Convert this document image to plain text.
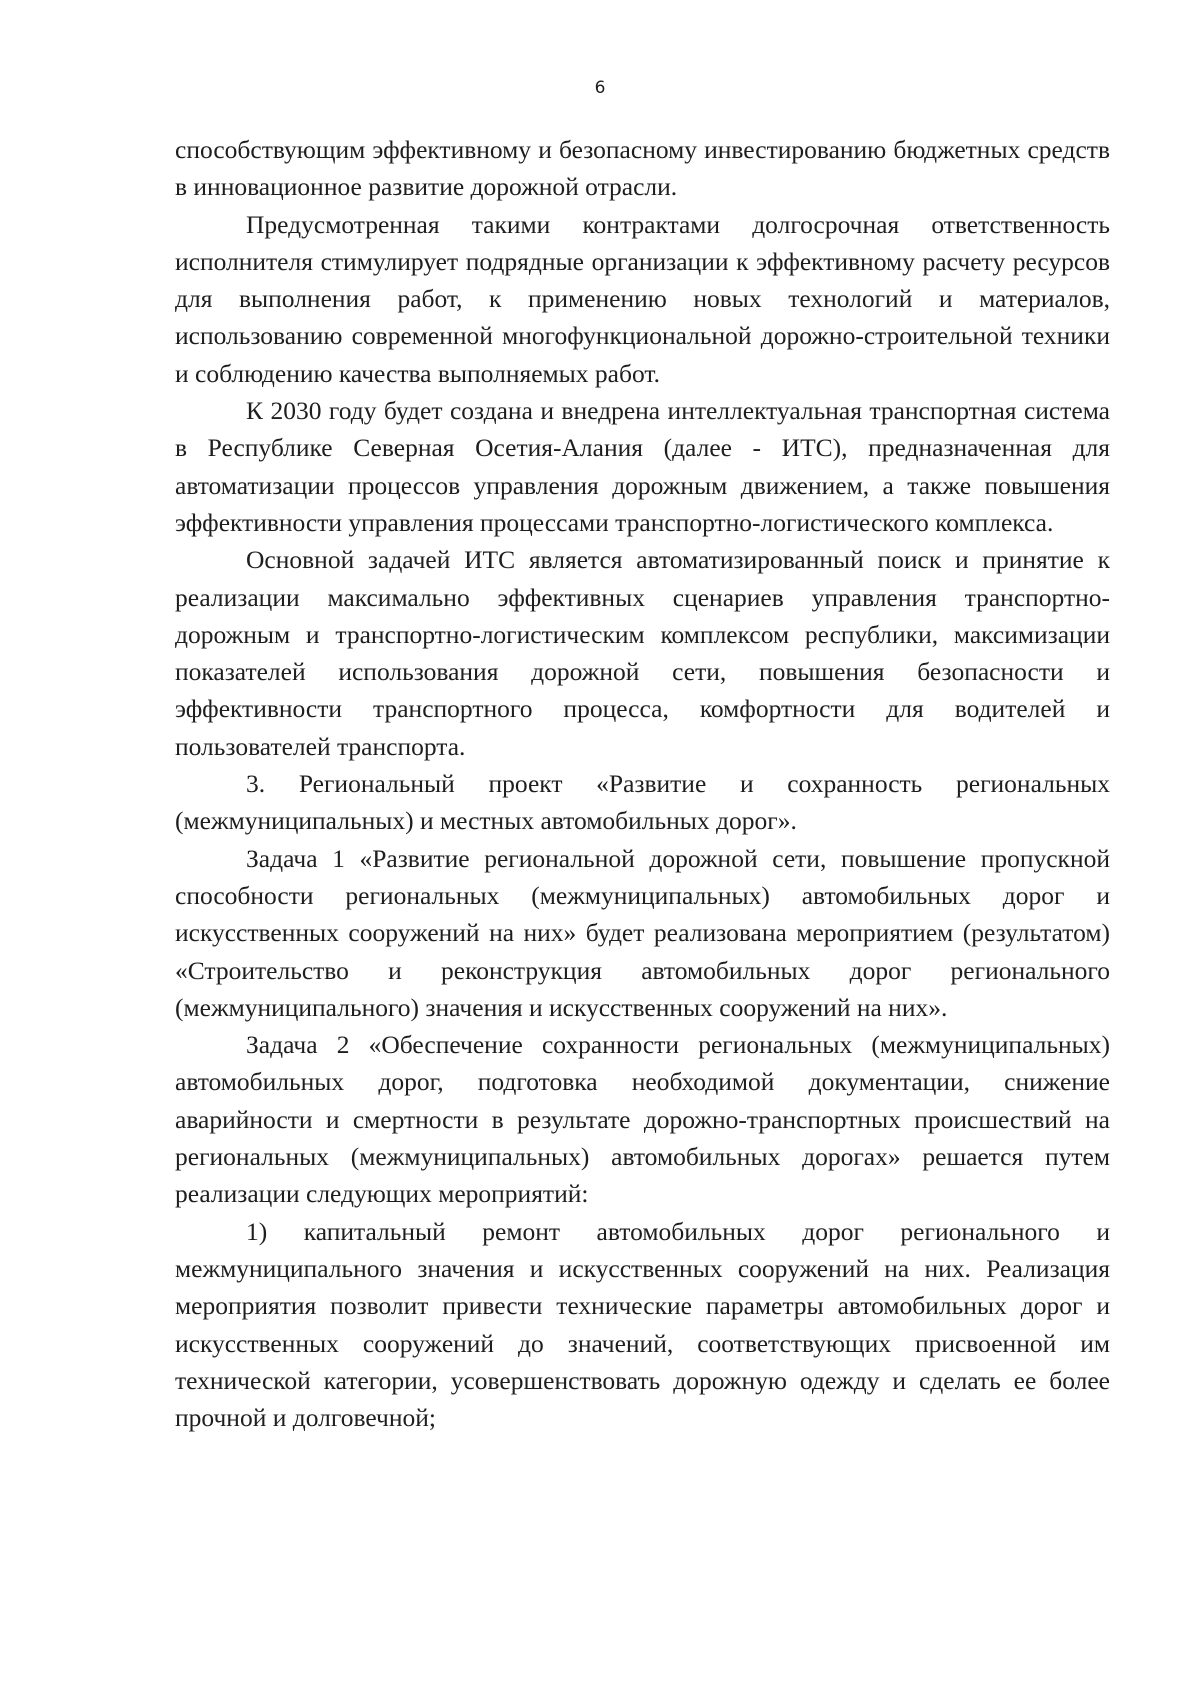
6

способствующим эффективному и безопасному инвестированию бюджетных средств в инновационное развитие дорожной отрасли.

Предусмотренная такими контрактами долгосрочная ответственность исполнителя стимулирует подрядные организации к эффективному расчету ресурсов для выполнения работ, к применению новых технологий и материалов, использованию современной многофункциональной дорожно-строительной техники и соблюдению качества выполняемых работ.

К 2030 году будет создана и внедрена интеллектуальная транспортная система в Республике Северная Осетия-Алания (далее - ИТС), предназначенная для автоматизации процессов управления дорожным движением, а также повышения эффективности управления процессами транспортно-логистического комплекса.

Основной задачей ИТС является автоматизированный поиск и принятие к реализации максимально эффективных сценариев управления транспортно-дорожным и транспортно-логистическим комплексом республики, максимизации показателей использования дорожной сети, повышения безопасности и эффективности транспортного процесса, комфортности для водителей и пользователей транспорта.

3. Региональный проект «Развитие и сохранность региональных (межмуниципальных) и местных автомобильных дорог».

Задача 1 «Развитие региональной дорожной сети, повышение пропускной способности региональных (межмуниципальных) автомобильных дорог и искусственных сооружений на них» будет реализована мероприятием (результатом) «Строительство и реконструкция автомобильных дорог регионального (межмуниципального) значения и искусственных сооружений на них».

Задача 2 «Обеспечение сохранности региональных (межмуниципальных) автомобильных дорог, подготовка необходимой документации, снижение аварийности и смертности в результате дорожно-транспортных происшествий на региональных (межмуниципальных) автомобильных дорогах» решается путем реализации следующих мероприятий:

1) капитальный ремонт автомобильных дорог регионального и межмуниципального значения и искусственных сооружений на них. Реализация мероприятия позволит привести технические параметры автомобильных дорог и искусственных сооружений до значений, соответствующих присвоенной им технической категории, усовершенствовать дорожную одежду и сделать ее более прочной и долговечной;
